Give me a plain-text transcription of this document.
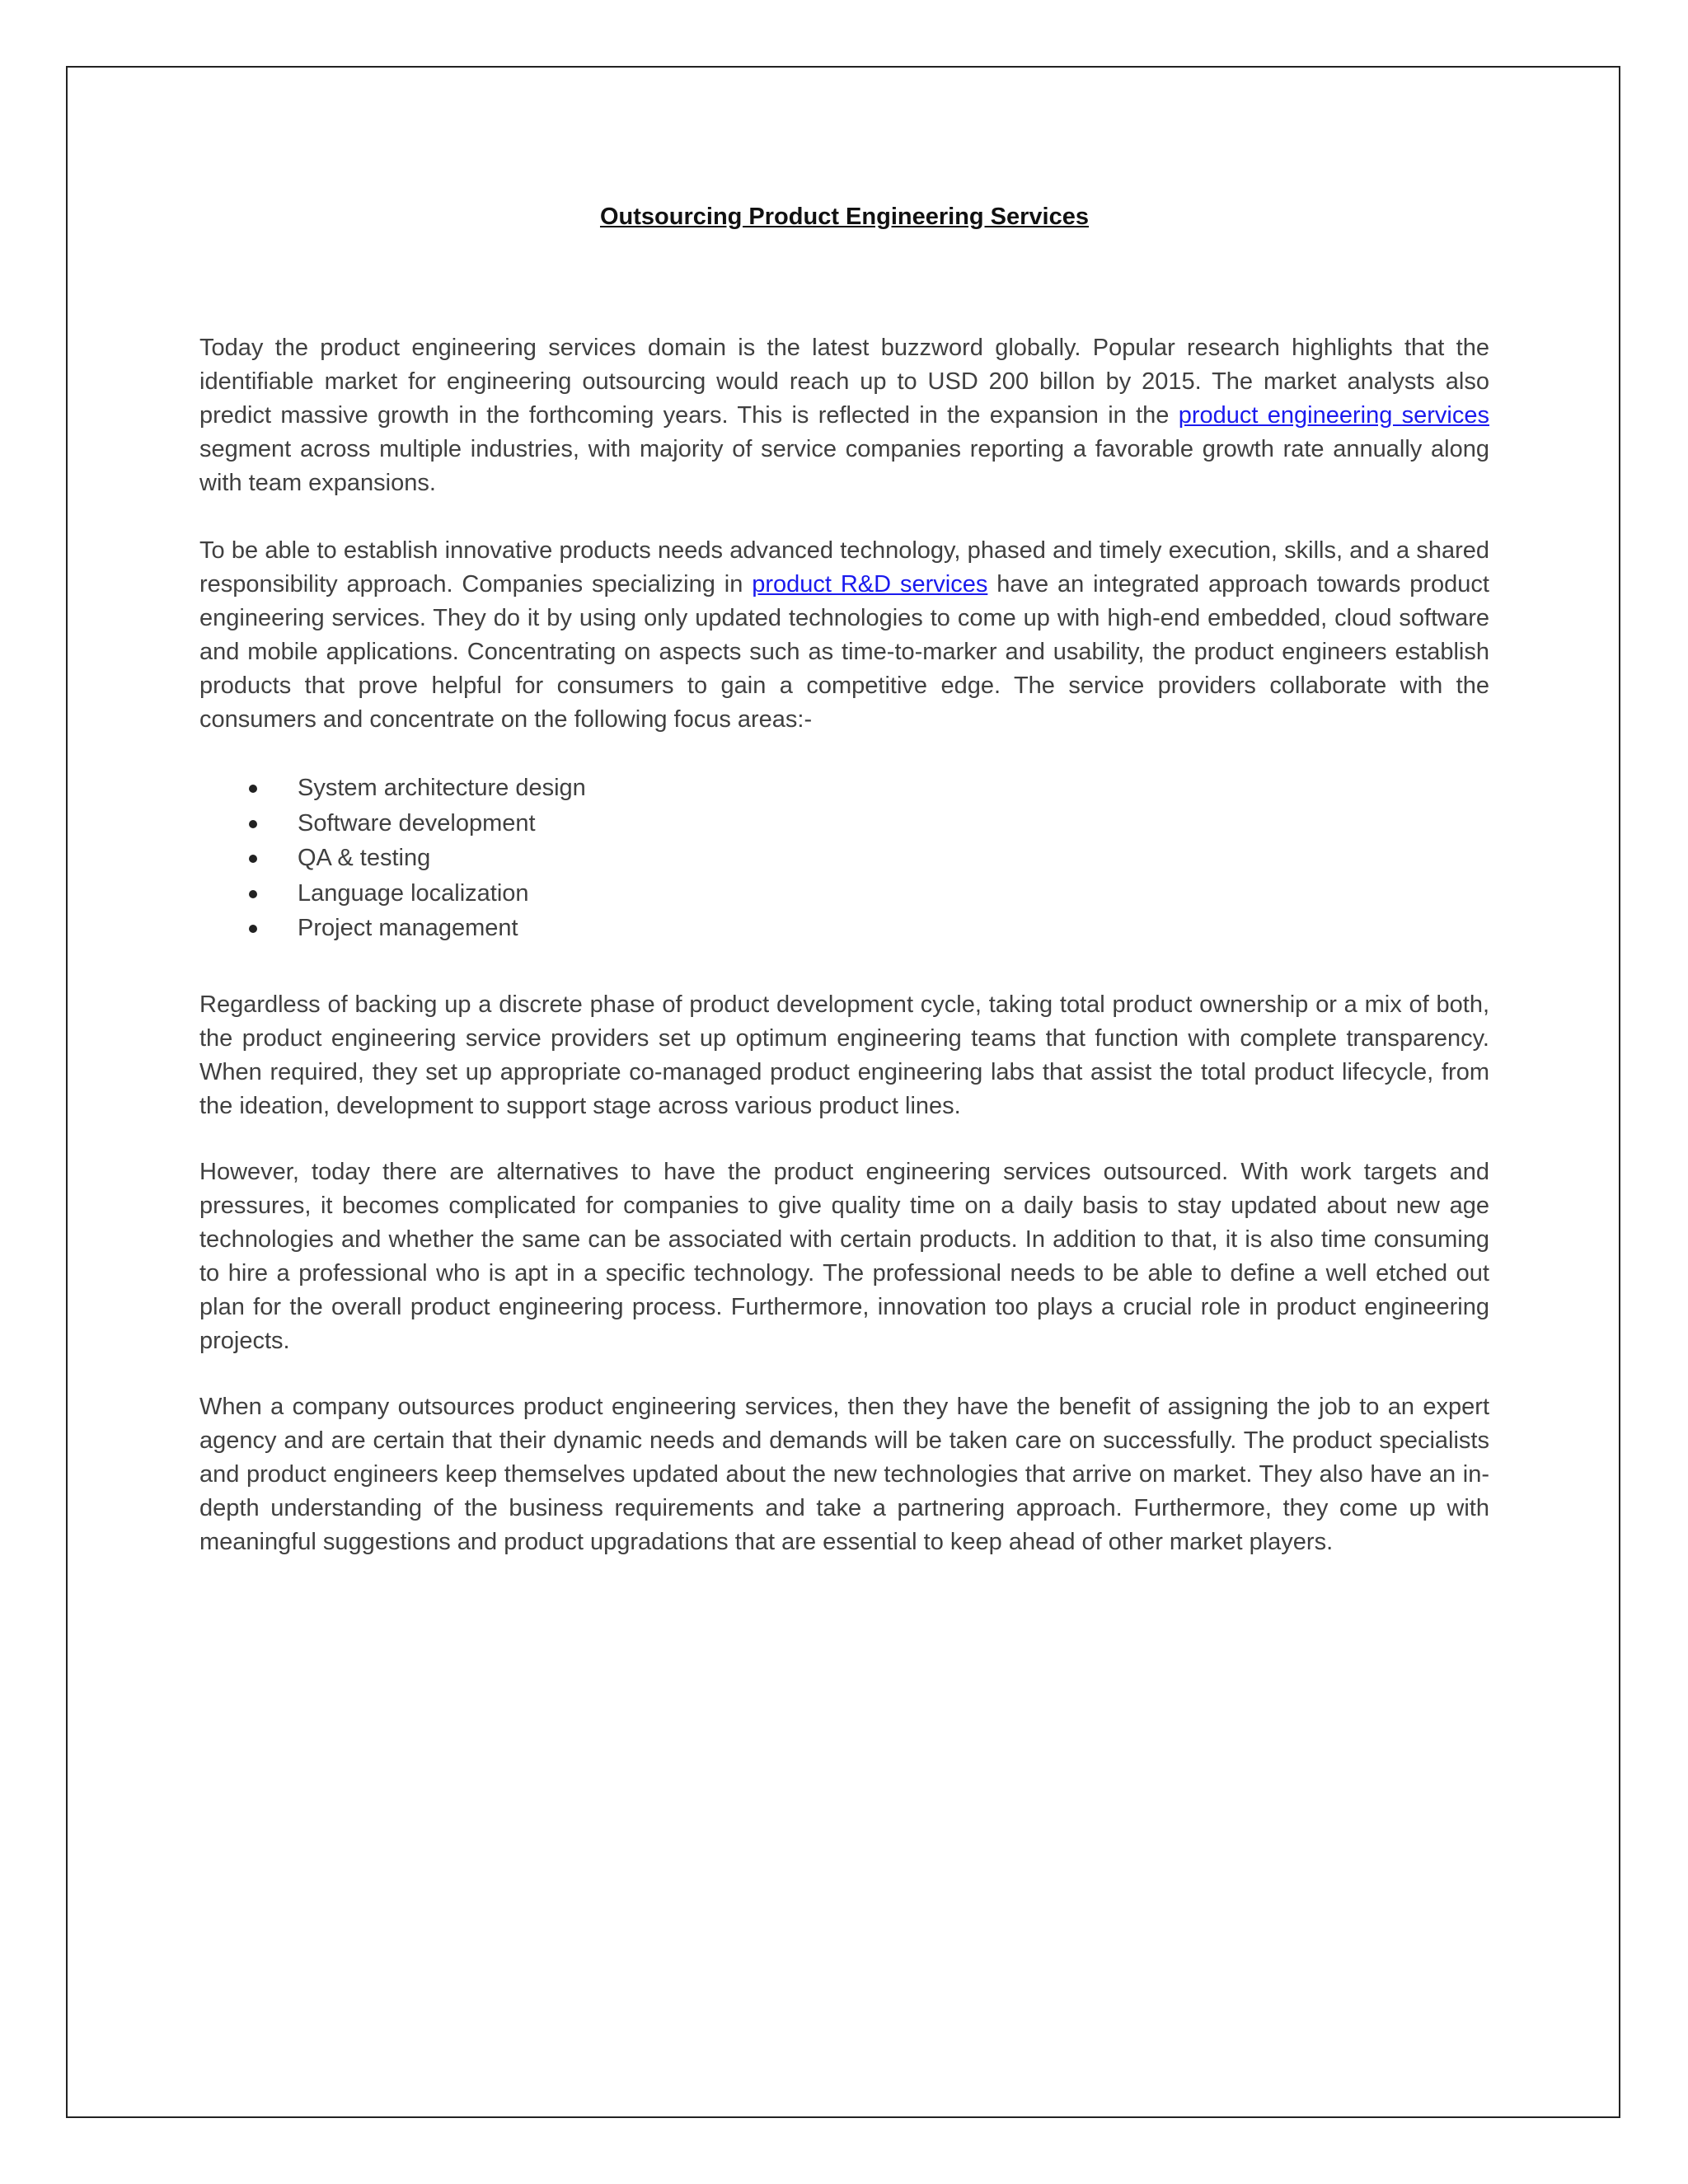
Outsourcing Product Engineering Services

Today the product engineering services domain is the latest buzzword globally. Popular research highlights that the identifiable market for engineering outsourcing would reach up to USD 200 billon by 2015. The market analysts also predict massive growth in the forthcoming years. This is reflected in the expansion in the product engineering services segment across multiple industries, with majority of service companies reporting a favorable growth rate annually along with team expansions.

To be able to establish innovative products needs advanced technology, phased and timely execution, skills, and a shared responsibility approach. Companies specializing in product R&D services have an integrated approach towards product engineering services. They do it by using only updated technologies to come up with high-end embedded, cloud software and mobile applications. Concentrating on aspects such as time-to-marker and usability, the product engineers establish products that prove helpful for consumers to gain a competitive edge. The service providers collaborate with the consumers and concentrate on the following focus areas:-

System architecture design
Software development
QA & testing
Language localization
Project management

Regardless of backing up a discrete phase of product development cycle, taking total product ownership or a mix of both, the product engineering service providers set up optimum engineering teams that function with complete transparency. When required, they set up appropriate co-managed product engineering labs that assist the total product lifecycle, from the ideation, development to support stage across various product lines.

However, today there are alternatives to have the product engineering services outsourced. With work targets and pressures, it becomes complicated for companies to give quality time on a daily basis to stay updated about new age technologies and whether the same can be associated with certain products. In addition to that, it is also time consuming to hire a professional who is apt in a specific technology. The professional needs to be able to define a well etched out plan for the overall product engineering process. Furthermore, innovation too plays a crucial role in product engineering projects.

When a company outsources product engineering services, then they have the benefit of assigning the job to an expert agency and are certain that their dynamic needs and demands will be taken care on successfully. The product specialists and product engineers keep themselves updated about the new technologies that arrive on market. They also have an in-depth understanding of the business requirements and take a partnering approach. Furthermore, they come up with meaningful suggestions and product upgradations that are essential to keep ahead of other market players.
